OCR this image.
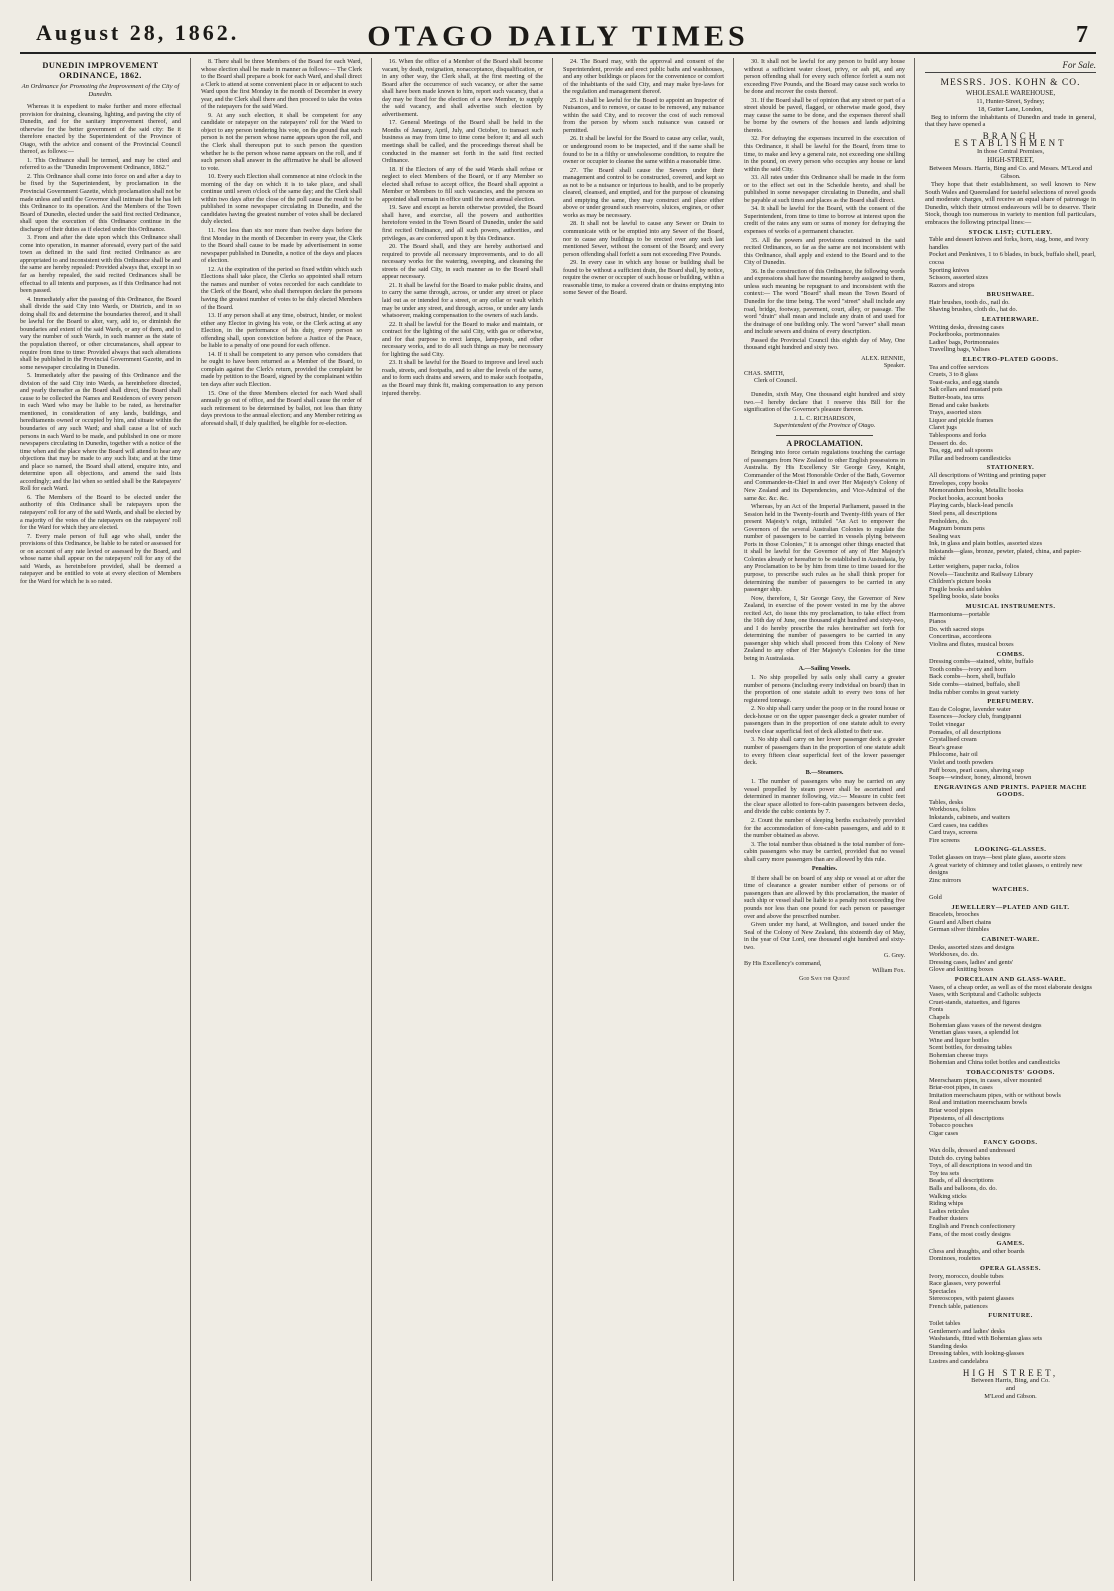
August 28, 1862.	OTAGO DAILY TIMES	7
DUNEDIN IMPROVEMENT ORDINANCE, 1862.
An Ordinance for Promoting the Improvement of the City of Dunedin.

Whereas it is expedient to make further and more effectual provision for draining, cleansing, lighting, and paving the city of Dunedin, and for the sanitary improvement thereof, and otherwise for the better government of the said city: Be it therefore enacted by the Superintendent of the Province of Otago, with the advice and consent of the Provincial Council thereof, as follows:—

1. This Ordinance shall be termed, and may be cited and referred to as the "Dunedin Improvement Ordinance, 1862."

2. This Ordinance shall come into force on and after a day to be fixed by the Superintendent, by proclamation in the Provincial Government Gazette, which proclamation shall not be made unless and until the Governor shall intimate that he has left this Ordinance to its operation. And the Members of the Town Board of Dunedin, elected under the said first recited Ordinance, shall upon the execution of this Ordinance continue in the discharge of their duties as if elected under this Ordinance.

3. From and after the date upon which this Ordinance shall come into operation, in manner aforesaid, every part of the said town as defined in the said first recited Ordinance as are appropriated to and inconsistent with this Ordinance shall be and the same are hereby repealed: Provided always that, except in so far as hereby repealed, the said recited Ordinances shall be effectual to all intents and purposes, as if this Ordinance had not been passed.

4. Immediately after the passing of this Ordinance, the Board shall divide the said City into Wards, or Districts, and in so doing shall fix and determine the boundaries thereof, and it shall be lawful for the Board to alter, vary, add to, or diminish the boundaries and extent of the said Wards, or any of them, and to vary the number of such Wards, in such manner as the state of the population thereof, or other circumstances, shall appear to require from time to time: Provided always that such alterations shall be published in the Provincial Government Gazette, and in some newspaper circulating in Dunedin.

5. Immediately after the passing of this Ordinance and the division of the said City into Wards, as hereinbefore directed, and yearly thereafter as the Board shall direct, the Board shall cause to be collected the Names and Residences of every person in each Ward who may be liable to be rated, as hereinafter mentioned, in consideration of any lands, buildings, and hereditaments owned or occupied by him, and situate within the boundaries of any such Ward; and shall cause a list of such persons in each Ward to be made, and published in one or more newspapers circulating in Dunedin, together with a notice of the time when and the place where the Board will attend to hear any objections that may be made to any such lists; and at the time and place so named, the Board shall attend, enquire into, and determine upon all objections, and amend the said lists accordingly; and the list when so settled shall be the Ratepayers' Roll for each Ward.

6. The Members of the Board to be elected under the authority of this Ordinance shall be ratepayers upon the ratepayers' roll for any of the said Wards, and shall be elected by a majority of the votes of the ratepayers on the ratepayers' roll for the Ward for which they are elected.

7. Every male person of full age who shall, under the provisions of this Ordinance, be liable to be rated or assessed for or on account of any rate levied or assessed by the Board, and whose name shall appear on the ratepayers' roll for any of the said Wards, as hereinbefore provided, shall be deemed a ratepayer and be entitled to vote at every election of Members for the Ward for which he is so rated.

8. There shall be three Members of the Board for each Ward, whose election shall be made in manner as follows:— The Clerk to the Board shall prepare a book for each Ward, and shall direct a Clerk to attend at some convenient place in or adjacent to such Ward upon the first Monday in the month of December in every year, and the Clerk shall there and then proceed to take the votes of the ratepayers for the said Ward.

9. At any such election, it shall be competent for any candidate or ratepayer on the ratepayers' roll for the Ward to object to any person tendering his vote, on the ground that such person is not the person whose name appears upon the roll, and the Clerk shall thereupon put to such person the question whether he is the person whose name appears on the roll, and if such person shall answer in the affirmative he shall be allowed to vote.

10. Every such Election shall commence at nine o'clock in the morning of the day on which it is to take place, and shall continue until seven o'clock of the same day; and the Clerk shall within two days after the close of the poll cause the result to be published in some newspaper circulating in Dunedin, and the candidates having the greatest number of votes shall be declared duly elected.

11. Not less than six nor more than twelve days before the first Monday in the month of December in every year, the Clerk to the Board shall cause to be made by advertisement in some newspaper published in Dunedin, a notice of the days and places of election.

12. At the expiration of the period so fixed within which such Elections shall take place, the Clerks so appointed shall return the names and number of votes recorded for each candidate to the Clerk of the Board, who shall thereupon declare the persons having the greatest number of votes to be duly elected Members of the Board.

13. If any person shall at any time, obstruct, hinder, or molest either any Elector in giving his vote, or the Clerk acting at any Election, in the performance of his duty, every person so offending shall, upon conviction before a Justice of the Peace, be liable to a penalty of one pound for each offence.

14. If it shall be competent to any person who considers that he ought to have been returned as a Member of the Board, to complain against the Clerk's return, provided the complaint be made by petition to the Board, signed by the complainant within ten days after such Election.

15. One of the three Members elected for each Ward shall annually go out of office, and the Board shall cause the order of such retirement to be determined by ballot, not less than thirty days previous to the annual election; and any Member retiring as aforesaid shall, if duly qualified, be eligible for re-election.

16. When the office of a Member of the Board shall become vacant, by death, resignation, nonacceptance, disqualification, or in any other way, the Clerk shall, at the first meeting of the Board after the occurrence of such vacancy, or after the same shall have been made known to him, report such vacancy, that a day may be fixed for the election of a new Member, to supply the said vacancy, and shall advertise such election by advertisement.

17. General Meetings of the Board shall be held in the Months of January, April, July, and October, to transact such business as may from time to time come before it; and all such meetings shall be called, and the proceedings thereat shall be conducted in the manner set forth in the said first recited Ordinance.

18. If the Electors of any of the said Wards shall refuse or neglect to elect Members of the Board, or if any Member so elected shall refuse to accept office, the Board shall appoint a Member or Members to fill such vacancies, and the persons so appointed shall remain in office until the next annual election.

19. Save and except as herein otherwise provided, the Board shall have, and exercise, all the powers and authorities heretofore vested in the Town Board of Dunedin, under the said first recited Ordinance, and all such powers, authorities, and privileges, as are conferred upon it by this Ordinance.

20. The Board shall, and they are hereby authorised and required to provide all necessary improvements, and to do all necessary works for the watering, sweeping, and cleansing the streets of the said City, in such manner as to the Board shall appear necessary.

21. It shall be lawful for the Board to make public drains, and to carry the same through, across, or under any street or place laid out as or intended for a street, or any cellar or vault which may be under any street, and through, across, or under any lands whatsoever, making compensation to the owners of such lands.

22. It shall be lawful for the Board to make and maintain, or contract for the lighting of the said City, with gas or otherwise, and for that purpose to erect lamps, lamp-posts, and other necessary works, and to do all such things as may be necessary for lighting the said City.

23. It shall be lawful for the Board to improve and level such roads, streets, and footpaths, and to alter the levels of the same, and to form such drains and sewers, and to make such footpaths, as the Board may think fit, making compensation to any person injured thereby.

24. The Board may, with the approval and consent of the Superintendent, provide and erect public baths and washhouses, and any other buildings or places for the convenience or comfort of the inhabitants of the said City, and may make bye-laws for the regulation and management thereof.

25. It shall be lawful for the Board to appoint an Inspector of Nuisances, and to remove, or cause to be removed, any nuisance within the said City, and to recover the cost of such removal from the person by whom such nuisance was caused or permitted.

26. It shall be lawful for the Board to cause any cellar, vault, or underground room to be inspected, and if the same shall be found to be in a filthy or unwholesome condition, to require the owner or occupier to cleanse the same within a reasonable time.

27. The Board shall cause the Sewers under their management and control to be constructed, covered, and kept so as not to be a nuisance or injurious to health, and to be properly cleared, cleansed, and emptied, and for the purpose of cleansing and emptying the same, they may construct and place either above or under ground such reservoirs, sluices, engines, or other works as may be necessary.

28. It shall not be lawful to cause any Sewer or Drain to communicate with or be emptied into any Sewer of the Board, nor to cause any buildings to be erected over any such last mentioned Sewer, without the consent of the Board; and every person offending shall forfeit a sum not exceeding Five Pounds.

29. In every case in which any house or building shall be found to be without a sufficient drain, the Board shall, by notice, require the owner or occupier of such house or building, within a reasonable time, to make a covered drain or drains emptying into some Sewer of the Board.

30. It shall not be lawful for any person to build any house without a sufficient water closet, privy, or ash pit, and any person offending shall for every such offence forfeit a sum not exceeding Five Pounds, and the Board may cause such works to be done and recover the costs thereof.

31. If the Board shall be of opinion that any street or part of a street should be paved, flagged, or otherwise made good, they may cause the same to be done, and the expenses thereof shall be borne by the owners of the houses and lands adjoining thereto.

32. For defraying the expenses incurred in the execution of this Ordinance, it shall be lawful for the Board, from time to time, to make and levy a general rate, not exceeding one shilling in the pound, on every person who occupies any house or land within the said City.

33. All rates under this Ordinance shall be made in the form or to the effect set out in the Schedule hereto, and shall be published in some newspaper circulating in Dunedin, and shall be payable at such times and places as the Board shall direct.

34. It shall be lawful for the Board, with the consent of the Superintendent, from time to time to borrow at interest upon the credit of the rates any sum or sums of money for defraying the expenses of works of a permanent character.

35. All the powers and provisions contained in the said recited Ordinances, so far as the same are not inconsistent with this Ordinance, shall apply and extend to the Board and to the City of Dunedin.

36. In the construction of this Ordinance, the following words and expressions shall have the meaning hereby assigned to them, unless such meaning be repugnant to and inconsistent with the context:— The word "Board" shall mean the Town Board of Dunedin for the time being. The word "street" shall include any road, bridge, footway, pavement, court, alley, or passage. The word "drain" shall mean and include any drain of and used for the drainage of one building only. The word "sewer" shall mean and include sewers and drains of every description.

Passed the Provincial Council this eighth day of May, One thousand eight hundred and sixty two.

ALEX. RENNIE,
Speaker.
CHAS. SMITH,
Clerk of Council.

Dunedin, sixth May, One thousand eight hundred and sixty two.—I hereby declare that I reserve this Bill for the signification of the Governor's pleasure thereon.

J. L. C. RICHARDSON,
Superintendent of the Province of Otago.
A PROCLAMATION.

Bringing into force certain regulations touching the carriage of passengers from New Zealand to other English possessions in Australia. By His Excellency Sir George Grey, Knight, Commander of the Most Honorable Order of the Bath, Governor and Commander-in-Chief in and over Her Majesty's Colony of New Zealand and its Dependencies, and Vice-Admiral of the same &c. &c. &c.

Whereas, by an Act of the Imperial Parliament, passed in the Session held in the Twenty-fourth and Twenty-fifth years of Her present Majesty's reign, intituled "An Act to empower the Governors of the several Australian Colonies to regulate the number of passengers to be carried in vessels plying between Ports in those Colonies," it is amongst other things enacted that it shall be lawful for the Governor of any of Her Majesty's Colonies already or hereafter to be established in Australasia, by any Proclamation to be by him from time to time issued for the purpose, to prescribe such rules as he shall think proper for determining the number of passengers to be carried in any passenger ship.

Now, therefore, I, Sir George Grey, the Governor of New Zealand, in exercise of the power vested in me by the above recited Act, do issue this my proclamation, to take effect from the 16th day of June, one thousand eight hundred and sixty-two, and I do hereby prescribe the rules hereinafter set forth for determining the number of passengers to be carried in any passenger ship which shall proceed from this Colony of New Zealand to any other of Her Majesty's Colonies for the time being in Australasia.

A.—Sailing Vessels.

1. No ship propelled by sails only shall carry a greater number of persons (including every individual on board) than in the proportion of one statute adult to every two tons of her registered tonnage.

2. No ship shall carry under the poop or in the round house or deck-house or on the upper passenger deck a greater number of passengers than in the proportion of one statute adult to every twelve clear superficial feet of deck allotted to their use.

3. No ship shall carry on her lower passenger deck a greater number of passengers than in the proportion of one statute adult to every fifteen clear superficial feet of the lower passenger deck.

B.—Steamers.

1. The number of passengers who may be carried on any vessel propelled by steam power shall be ascertained and determined in manner following, viz.:— Measure in cubic feet the clear space allotted to fore-cabin passengers between decks, and divide the cubic contents by 7.

2. Count the number of sleeping berths exclusively provided for the accommodation of fore-cabin passengers, and add to it the number obtained as above.

3. The total number thus obtained is the total number of fore-cabin passengers who may be carried, provided that no vessel shall carry more passengers than are allowed by this rule.

Penalties.

If there shall be on board of any ship or vessel at or after the time of clearance a greater number either of persons or of passengers than are allowed by this proclamation, the master of such ship or vessel shall be liable to a penalty not exceeding five pounds nor less than one pound for each person or passenger over and above the prescribed number.

Given under my hand, at Wellington, and issued under the Seal of the Colony of New Zealand, this sixteenth day of May, in the year of Our Lord, one thousand eight hundred and sixty-two.

G. Grey.
By His Excellency's command,
William Fox.
God Save the Queen!
For Sale.
MESSRS. JOS. KOHN & CO.
WHOLESALE WAREHOUSE,
11, Hunter-Street, Sydney;
18, Gutter Lane, London,

Beg to inform the inhabitants of Dunedin and trade in general, that they have opened a

BRANCH ESTABLISHMENT
In those Central Premises,
HIGH-STREET,
Between Messrs. Harris, Bing and Co. and Messrs. M'Leod and Gibson.

They hope that their establishment, so well known to New South Wales and Queensland for tasteful selections of novel goods and moderate charges, will receive an equal share of patronage in Dunedin, which their utmost endeavours will be to deserve. Their Stock, though too numerous in variety to mention full particulars, embraces the following principal lines:—

STOCK LIST; CUTLERY.
Table and dessert knives and forks, horn, stag, bone, and ivory handles
Pocket and Penknives, 1 to 6 blades, in buck, buffalo shell, pearl, cocoa
Sporting knives
Scissors, assorted sizes
Razors and strops
BRUSHWARE.
Hair brushes, tooth do., nail do.
Shaving brushes, cloth do., hat do.
LEATHERWARE.
Writing desks, dressing cases
Pocketbooks, portmonnaies
Ladies' bags, Portmonnaies
Travelling bags, Valises
ELECTRO-PLATED GOODS.
Tea and coffee services
Cruets, 3 to 8 glass
Toast-racks, and egg stands
Salt cellars and mustard pots
Butter-boats, tea urns
Bread and cake baskets
Trays, assorted sizes
Liquor and pickle frames
Claret jugs
Tablespoons and forks
Dessert do. do.
Tea, egg, and salt spoons
Pillar and bedroom candlesticks
STATIONERY.
All descriptions of Writing and printing paper
Envelopes, copy books
Memorandum books, Metallic books
Pocket books, account books
Playing cards, black-lead pencils
Steel pens, all descriptions
Penholders, do.
Magnum bonum pens
Sealing wax
Ink, in glass and plain bottles, assorted sizes
Inkstands—glass, bronze, pewter, plated, china, and papier-mâché
Letter weighers, paper racks, folios
Novels—Tauchnitz and Railway Library
Children's picture books
Fragile books and tables
Spelling books, slate books
MUSICAL INSTRUMENTS.
Harmoniums—portable
Pianos
Do. with sacred stops
Concertinas, accordeons
Violins and flutes, musical boxes
COMBS.
Dressing combs—stained, white, buffalo
Tooth combs—ivory and horn
Back combs—horn, shell, buffalo
Side combs—stained, buffalo, shell
India rubber combs in great variety
PERFUMERY.
Eau de Cologne, lavender water
Essences—Jockey club, frangipanni
Toilet vinegar
Pomades, of all descriptions
Crystallised cream
Bear's grease
Philocome, hair oil
Violet and tooth powders
Puff boxes, pearl cases, shaving soap
Soaps—windsor, honey, almond, brown
ENGRAVINGS AND PRINTS. PAPIER MACHE GOODS.
Tables, desks
Workboxes, folios
Inkstands, cabinets, and waiters
Card cases, tea caddies
Card trays, screens
Fire screens
LOOKING-GLASSES.
Toilet glasses on trays—best plate glass, assorte sizes
A great variety of chimney and toilet glasses, o entirely new designs
Zinc mirrors
WATCHES.
Gold
JEWELLERY—PLATED AND GILT.
Bracelets, brooches
Guard and Albert chains
German silver thimbles
CABINET-WARE.
Desks, assorted sizes and designs
Workboxes, do. do.
Dressing cases, ladies' and gents'
Glove and knitting boxes
PORCELAIN AND GLASS-WARE.
Vases, of a cheap order, as well as of the most elaborate designs
Vases, with Scriptural and Catholic subjects
Cruet-stands, statuettes, and figures
Fonts
Chapels
Bohemian glass vases of the newest designs
Venetian glass vases, a splendid lot
Wine and liquor bottles
Scent bottles, for dressing tables
Bohemian cheese trays
Bohemian and China toilet bottles and candlesticks
TOBACCONISTS' GOODS.
Meerschaum pipes, in cases, silver mounted
Briar-root pipes, in cases
Imitation meerschaum pipes, with or without bowls
Real and imitation meerschaum bowls
Briar wood pipes
Pipestems, of all descriptions
Tobacco pouches
Cigar cases
FANCY GOODS.
Wax dolls, dressed and undressed
Dutch do. crying babies
Toys, of all descriptions in wood and tin
Toy tea sets
Beads, of all descriptions
Balls and balloons, do. do.
Walking sticks
Riding whips
Ladies reticules
Feather dusters
English and French confectionery
Fans, of the most costly designs
GAMES.
Chess and draughts, and other boards
Dominoes, roulettes
OPERA GLASSES.
Ivory, morocco, double tubes
Race glasses, very powerful
Spectacles
Stereoscopes, with patent glasses
French table, patiences
FURNITURE.
Toilet tables
Gentlemen's and ladies' desks
Washstands, fitted with Bohemian glass sets
Standing desks
Dressing tables, with looking-glasses
Lustres and candelabra
HIGH STREET,
Between Harris, Bing, and Co.
and
M'Leod and Gibson.
